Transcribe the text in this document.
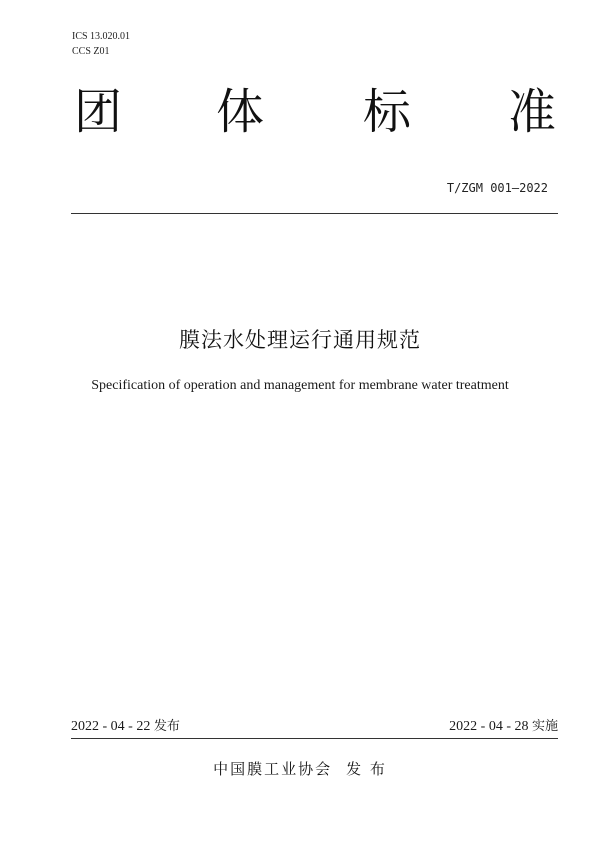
ICS 13.020.01
CCS Z01
团 体 标 准
T/ZGM 001—2022
膜法水处理运行通用规范
Specification of operation and management for membrane water treatment
2022 - 04 - 22 发布	2022 - 04 - 28 实施
中国膜工业协会 发 布
